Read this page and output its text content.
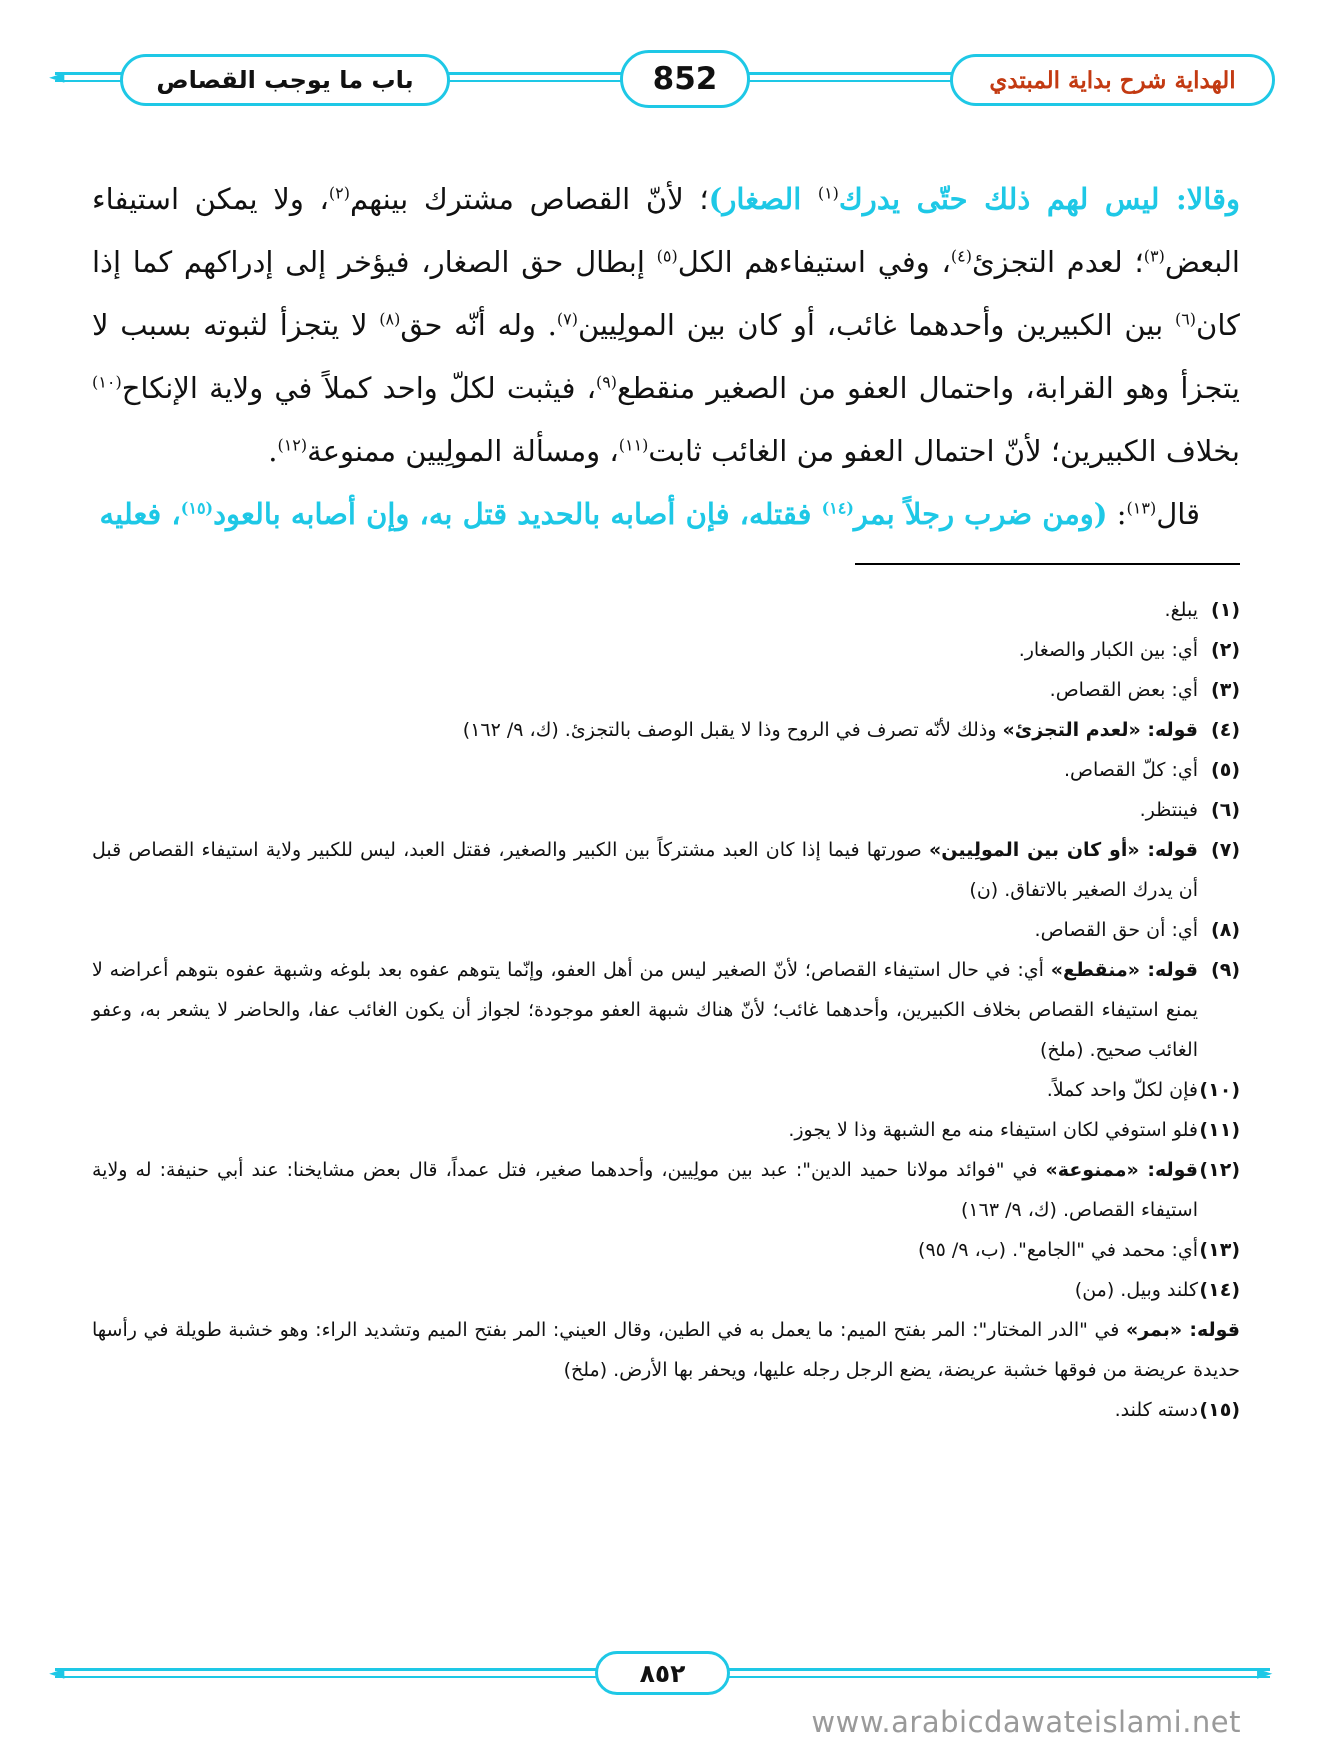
◄	باب ما يوجب القصاص	852	الهداية شرح بداية المبتدي

وقالا: ليس لهم ذلك حتّى يدرك$^{(١)}$ الصغار)؛ لأنّ القصاص مشترك بينهم$^{(٢)}$، ولا يمكن استيفاء البعض$^{(٣)}$؛ لعدم التجزئ$^{(٤)}$، وفي استيفاءهم الكل$^{(٥)}$ إبطال حق الصغار، فيؤخر إلى إدراكهم كما إذا كان$^{(٦)}$ بين الكبيرين وأحدهما غائب، أو كان بين المولِيين$^{(٧)}$. وله أنّه حق$^{(٨)}$ لا يتجزأ لثبوته بسبب لا يتجزأ وهو القرابة، واحتمال العفو من الصغير منقطع$^{(٩)}$، فيثبت لكلّ واحد كملاً في ولاية الإنكاح$^{(١٠)}$ بخلاف الكبيرين؛ لأنّ احتمال العفو من الغائب ثابت$^{(١١)}$، ومسألة المولِيين ممنوعة$^{(١٢)}$.

قال$^{(١٣)}$: (ومن ضرب رجلاً بمر$^{(١٤)}$ فقتله، فإن أصابه بالحديد قتل به، وإن أصابه بالعود$^{(١٥)}$، فعليه

(١)
يبلغ.

(٢)
أي: بين الكبار والصغار.

(٣)
أي: بعض القصاص.

(٤)
قوله: «لعدم التجزئ» وذلك لأنّه تصرف في الروح وذا لا يقبل الوصف بالتجزئ. (ك، ٩/ ١٦٢)

(٥)
أي: كلّ القصاص.

(٦)
فينتظر.

(٧)
قوله: «أو كان بين المولِيين» صورتها فيما إذا كان العبد مشتركاً بين الكبير والصغير، فقتل العبد، ليس للكبير ولاية استيفاء القصاص قبل أن يدرك الصغير بالاتفاق. (ن)

(٨)
أي: أن حق القصاص.

(٩)
قوله: «منقطع» أي: في حال استيفاء القصاص؛ لأنّ الصغير ليس من أهل العفو، وإنّما يتوهم عفوه بعد بلوغه وشبهة عفوه بتوهم أعراضه لا يمنع استيفاء القصاص بخلاف الكبيرين، وأحدهما غائب؛ لأنّ هناك شبهة العفو موجودة؛ لجواز أن يكون الغائب عفا، والحاضر لا يشعر به، وعفو الغائب صحيح. (ملخ)

(١٠)
فإن لكلّ واحد كملاً.

(١١)
فلو استوفي لكان استيفاء منه مع الشبهة وذا لا يجوز.

(١٢)
قوله: «ممنوعة» في "فوائد مولانا حميد الدين": عبد بين مولِيين، وأحدهما صغير، فتل عمداً، قال بعض مشايخنا: عند أبي حنيفة: له ولاية استيفاء القصاص. (ك، ٩/ ١٦٣)

(١٣)
أي: محمد في "الجامع". (ب، ٩/ ٩٥)

(١٤)
كلند وبيل. (من)

قوله: «بمر» في "الدر المختار": المر بفتح الميم: ما يعمل به في الطين، وقال العيني: المر بفتح الميم وتشديد الراء: وهو خشبة طويلة في رأسها حديدة عريضة من فوقها خشبة عريضة، يضع الرجل رجله عليها، ويحفر بها الأرض. (ملخ)

(١٥)
دسته كلند.

◄	►
٨٥٢
www.arabicdawateislami.net
